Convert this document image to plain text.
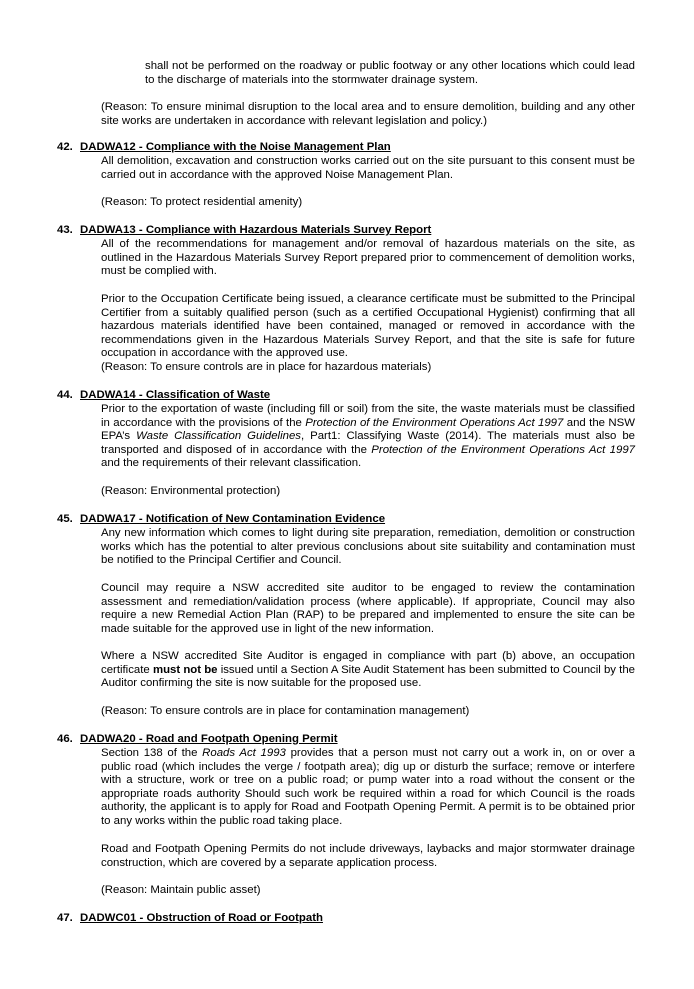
shall not be performed on the roadway or public footway or any other locations which could lead to the discharge of materials into the stormwater drainage system.

(Reason: To ensure minimal disruption to the local area and to ensure demolition, building and any other site works are undertaken in accordance with relevant legislation and policy.)

42. DADWA12 - Compliance with the Noise Management Plan

All demolition, excavation and construction works carried out on the site pursuant to this consent must be carried out in accordance with the approved Noise Management Plan.

(Reason: To protect residential amenity)

43. DADWA13 - Compliance with Hazardous Materials Survey Report

All of the recommendations for management and/or removal of hazardous materials on the site, as outlined in the Hazardous Materials Survey Report prepared prior to commencement of demolition works, must be complied with.

Prior to the Occupation Certificate being issued, a clearance certificate must be submitted to the Principal Certifier from a suitably qualified person (such as a certified Occupational Hygienist) confirming that all hazardous materials identified have been contained, managed or removed in accordance with the recommendations given in the Hazardous Materials Survey Report, and that the site is safe for future occupation in accordance with the approved use.

(Reason: To ensure controls are in place for hazardous materials)

44. DADWA14 - Classification of Waste

Prior to the exportation of waste (including fill or soil) from the site, the waste materials must be classified in accordance with the provisions of the Protection of the Environment Operations Act 1997 and the NSW EPA’s Waste Classification Guidelines, Part1: Classifying Waste (2014). The materials must also be transported and disposed of in accordance with the Protection of the Environment Operations Act 1997 and the requirements of their relevant classification.

(Reason: Environmental protection)

45. DADWA17 - Notification of New Contamination Evidence

Any new information which comes to light during site preparation, remediation, demolition or construction works which has the potential to alter previous conclusions about site suitability and contamination must be notified to the Principal Certifier and Council.

Council may require a NSW accredited site auditor to be engaged to review the contamination assessment and remediation/validation process (where applicable). If appropriate, Council may also require a new Remedial Action Plan (RAP) to be prepared and implemented to ensure the site can be made suitable for the approved use in light of the new information.

Where a NSW accredited Site Auditor is engaged in compliance with part (b) above, an occupation certificate must not be issued until a Section A Site Audit Statement has been submitted to Council by the Auditor confirming the site is now suitable for the proposed use.

(Reason: To ensure controls are in place for contamination management)

46. DADWA20 - Road and Footpath Opening Permit

Section 138 of the Roads Act 1993 provides that a person must not carry out a work in, on or over a public road (which includes the verge / footpath area); dig up or disturb the surface; remove or interfere with a structure, work or tree on a public road; or pump water into a road without the consent or the appropriate roads authority Should such work be required within a road for which Council is the roads authority, the applicant is to apply for Road and Footpath Opening Permit. A permit is to be obtained prior to any works within the public road taking place.

Road and Footpath Opening Permits do not include driveways, laybacks and major stormwater drainage construction, which are covered by a separate application process.

(Reason: Maintain public asset)

47. DADWC01 - Obstruction of Road or Footpath
